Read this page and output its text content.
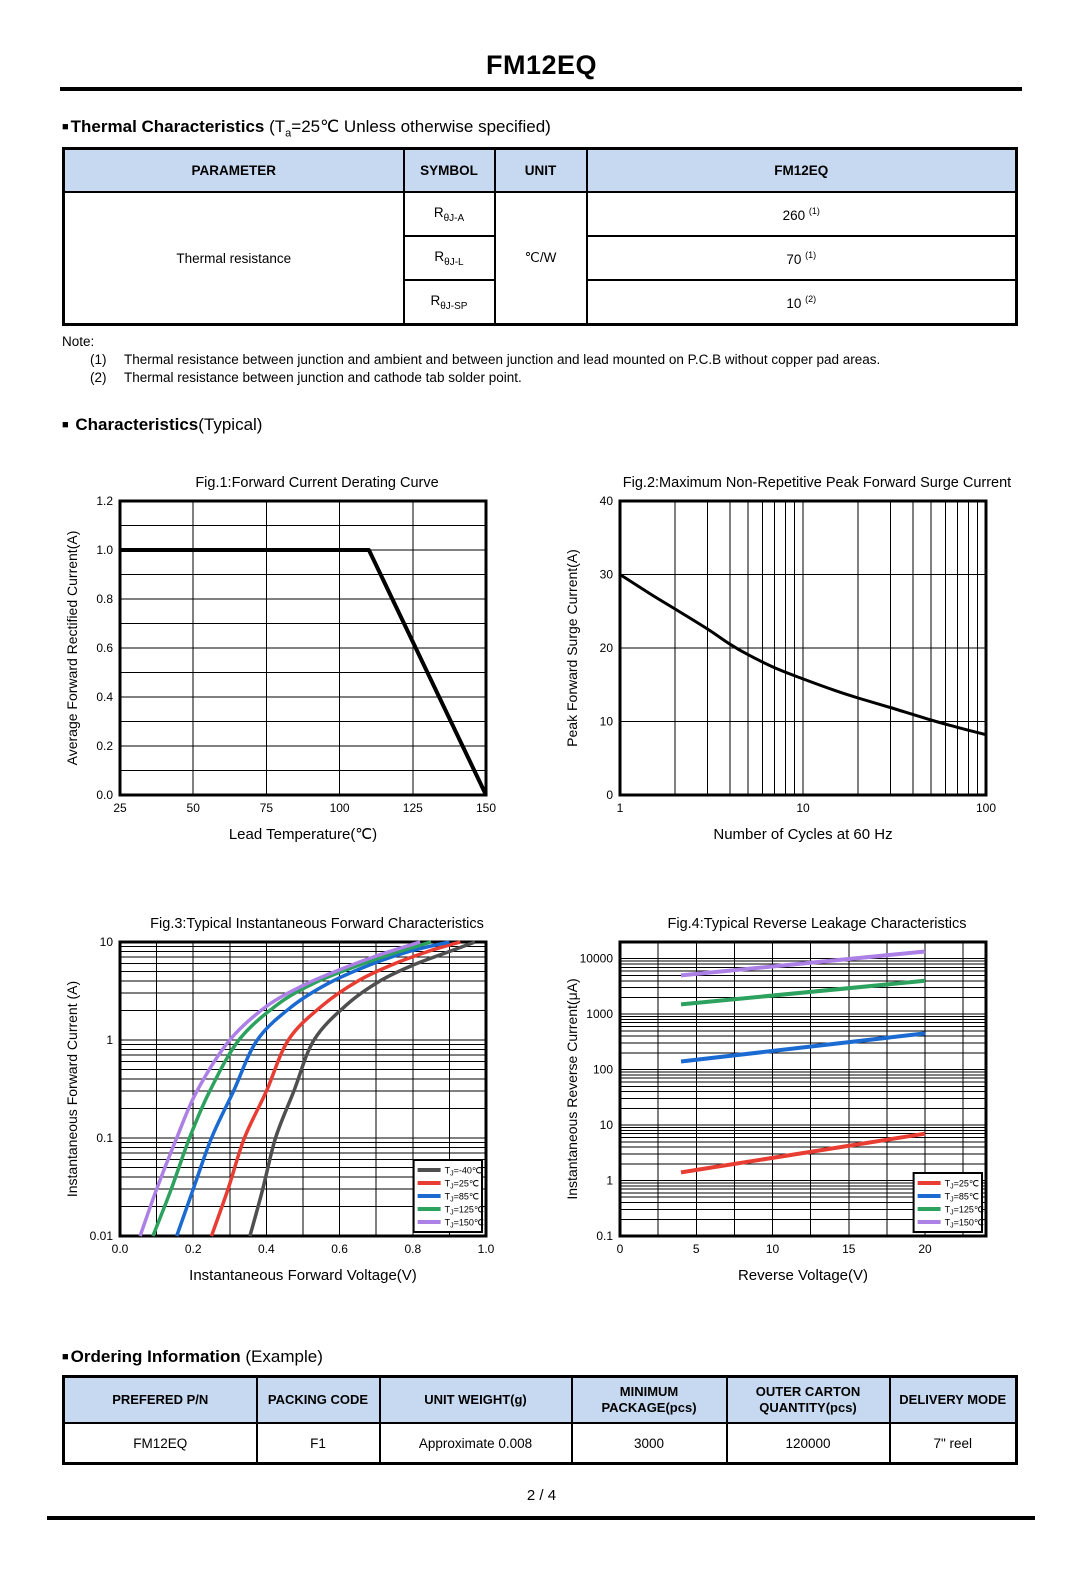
FM12EQ
■ Thermal Characteristics ($T_a=25℃$ Unless otherwise specified)
PARAMETER	SYMBOL	UNIT	FM12EQ
Thermal resistance	$R_{\theta J-A}$	℃/W	260 $^{(1)}$
	$R_{\theta J-L}$		70 $^{(1)}$
	$R_{\theta J-SP}$		10 $^{(2)}$
Note:
(1)	Thermal resistance between junction and ambient and between junction and lead mounted on P.C.B without copper pad areas.
(2)	Thermal resistance between junction and cathode tab solder point.
■ Characteristics(Typical)
Fig.1:Forward Current Derating Curve
25	50	75	100	125	150
0.0
0.2
0.4
0.6
0.8
1.0
1.2
Lead Temperature(℃)
Average Forward Rectified Current(A)
Fig.2:Maximum Non-Repetitive Peak Forward Surge Current
1	10	100
0
10
20
30
40
Number of Cycles at 60 Hz
Peak Forward Surge Current(A)
Fig.3:Typical Instantaneous Forward Characteristics
0.0	0.2	0.4	0.6	0.8	1.0
0.01
0.1
1
10
Instantaneous Forward Voltage(V)
Instantaneous Forward Current (A)	$T_J=-40℃$
$T_J=25℃$
$T_J=85℃$
$T_J=125℃$
$T_J=150℃$
Fig.4:Typical Reverse Leakage Characteristics
0	5	10	15	20
0.1
1
10
100
1000
10000
Reverse Voltage(V)
Instantaneous Reverse Current(μA)	$T_J=25℃$
$T_J=85℃$
$T_J=125℃$
$T_J=150℃$
■ Ordering Information (Example)
PREFERED P/N	PACKING CODE	UNIT WEIGHT(g)	MINIMUM PACKAGE(pcs)	OUTER CARTON QUANTITY(pcs)	DELIVERY MODE
FM12EQ	F1	Approximate 0.008	3000	120000	7" reel
2 / 4
